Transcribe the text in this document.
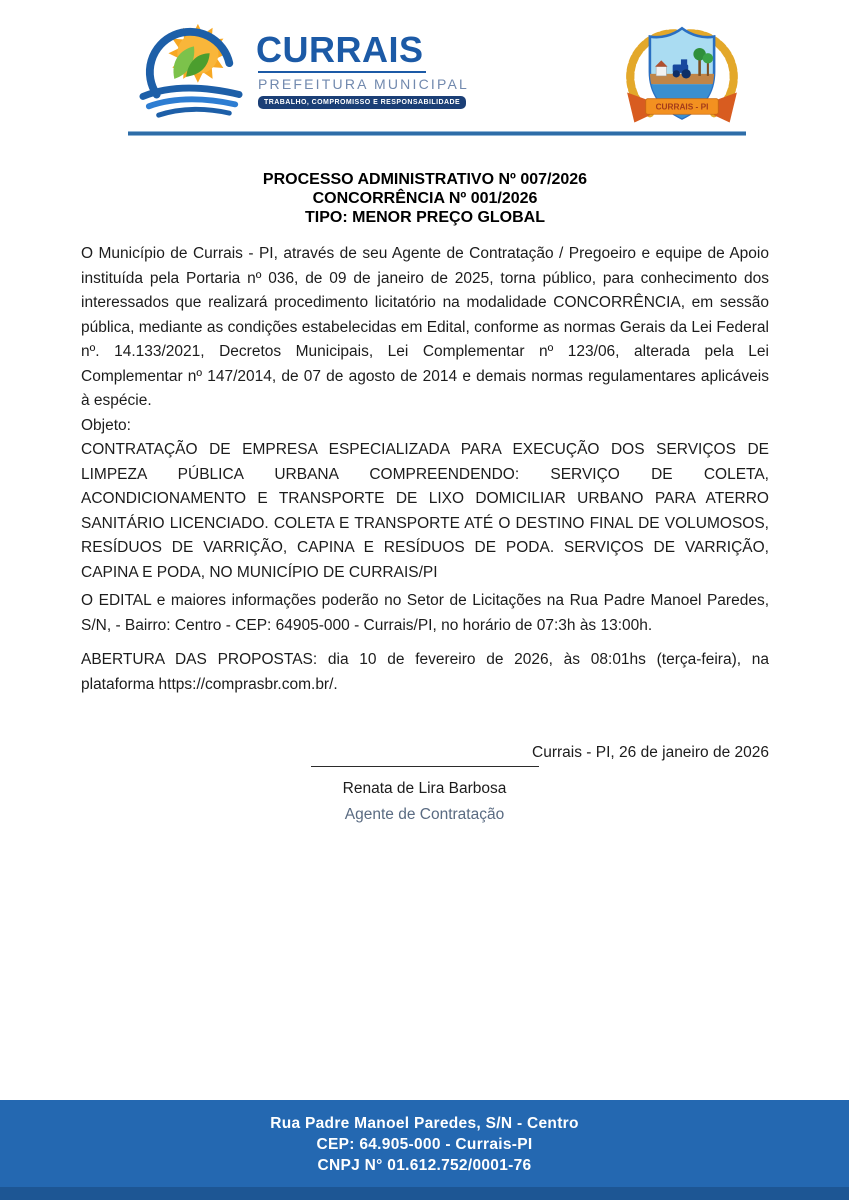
CURRAIS
PREFEITURA MUNICIPAL
TRABALHO, COMPROMISSO E RESPONSABILIDADE
CURRAIS - PI
PROCESSO ADMINISTRATIVO Nº 007/2026
CONCORRÊNCIA Nº 001/2026
TIPO: MENOR PREÇO GLOBAL

O Município de Currais - PI, através de seu Agente de Contratação / Pregoeiro e equipe de Apoio instituída pela Portaria nº 036, de 09 de janeiro de 2025, torna público, para conhecimento dos interessados que realizará procedimento licitatório na modalidade CONCORRÊNCIA, em sessão pública, mediante as condições estabelecidas em Edital, conforme as normas Gerais da Lei Federal nº. 14.133/2021, Decretos Municipais, Lei Complementar nº 123/06, alterada pela Lei Complementar nº 147/2014, de 07 de agosto de 2014 e demais normas regulamentares aplicáveis à espécie.

Objeto:

CONTRATAÇÃO DE EMPRESA ESPECIALIZADA PARA EXECUÇÃO DOS SERVIÇOS DE LIMPEZA PÚBLICA URBANA COMPREENDENDO: SERVIÇO DE COLETA, ACONDICIONAMENTO E TRANSPORTE DE LIXO DOMICILIAR URBANO PARA ATERRO SANITÁRIO LICENCIADO. COLETA E TRANSPORTE ATÉ O DESTINO FINAL DE VOLUMOSOS, RESÍDUOS DE VARRIÇÃO, CAPINA E RESÍDUOS DE PODA. SERVIÇOS DE VARRIÇÃO, CAPINA E PODA, NO MUNICÍPIO DE CURRAIS/PI

O EDITAL e maiores informações poderão no Setor de Licitações na Rua Padre Manoel Paredes, S/N, - Bairro: Centro - CEP: 64905-000 - Currais/PI, no horário de 07:3h às 13:00h.

ABERTURA DAS PROPOSTAS: dia 10 de fevereiro de 2026, às 08:01hs (terça-feira), na plataforma https://comprasbr.com.br/.

Currais - PI, 26 de janeiro de 2026

Renata de Lira Barbosa
Agente de Contratação
Rua Padre Manoel Paredes, S/N - Centro
CEP: 64.905-000 - Currais-PI
CNPJ N° 01.612.752/0001-76
